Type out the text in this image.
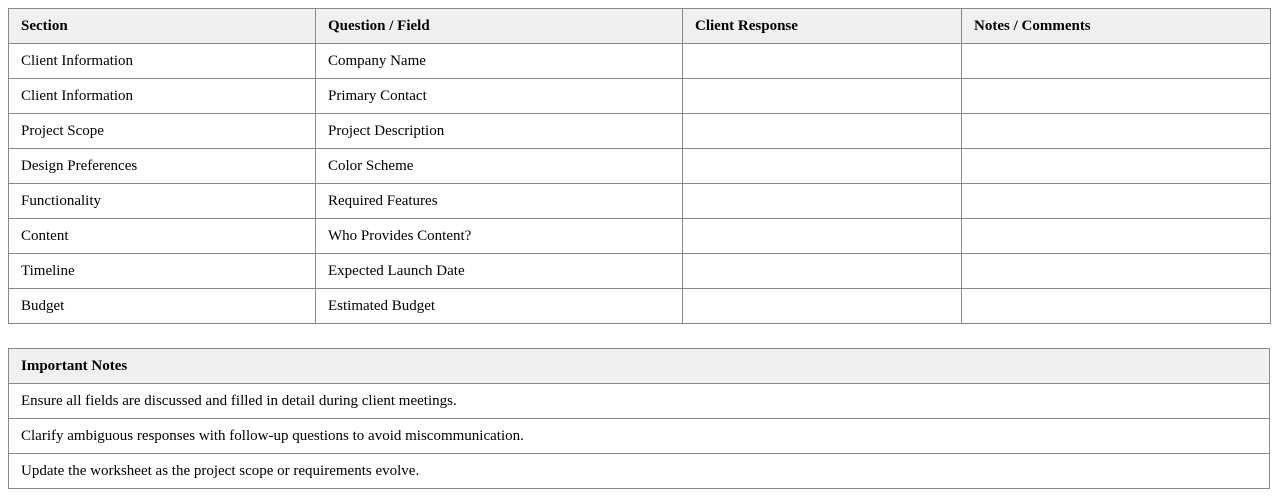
Section	Question / Field	Client Response	Notes / Comments
Client Information	Company Name		
Client Information	Primary Contact		
Project Scope	Project Description		
Design Preferences	Color Scheme		
Functionality	Required Features		
Content	Who Provides Content?		
Timeline	Expected Launch Date		
Budget	Estimated Budget		
Important Notes
Ensure all fields are discussed and filled in detail during client meetings.
Clarify ambiguous responses with follow-up questions to avoid miscommunication.
Update the worksheet as the project scope or requirements evolve.
